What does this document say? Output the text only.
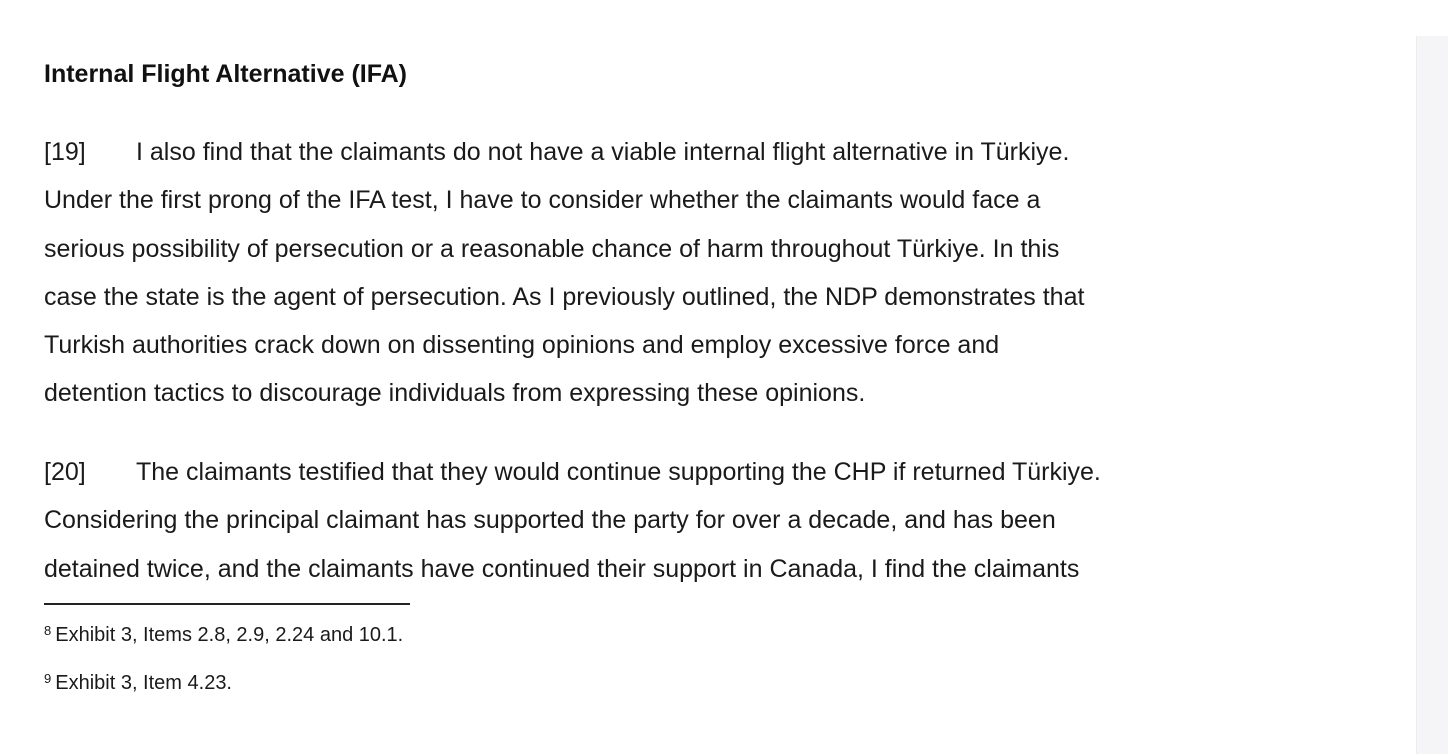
Internal Flight Alternative (IFA)
[19] I also find that the claimants do not have a viable internal flight alternative in Türkiye.
Under the first prong of the IFA test, I have to consider whether the claimants would face a
serious possibility of persecution or a reasonable chance of harm throughout Türkiye. In this
case the state is the agent of persecution. As I previously outlined, the NDP demonstrates that
Turkish authorities crack down on dissenting opinions and employ excessive force and
detention tactics to discourage individuals from expressing these opinions.
[20] The claimants testified that they would continue supporting the CHP if returned Türkiye.
Considering the principal claimant has supported the party for over a decade, and has been
detained twice, and the claimants have continued their support in Canada, I find the claimants

$^8$ Exhibit 3, Items 2.8, 2.9, 2.24 and 10.1.

$^9$ Exhibit 3, Item 4.23.
